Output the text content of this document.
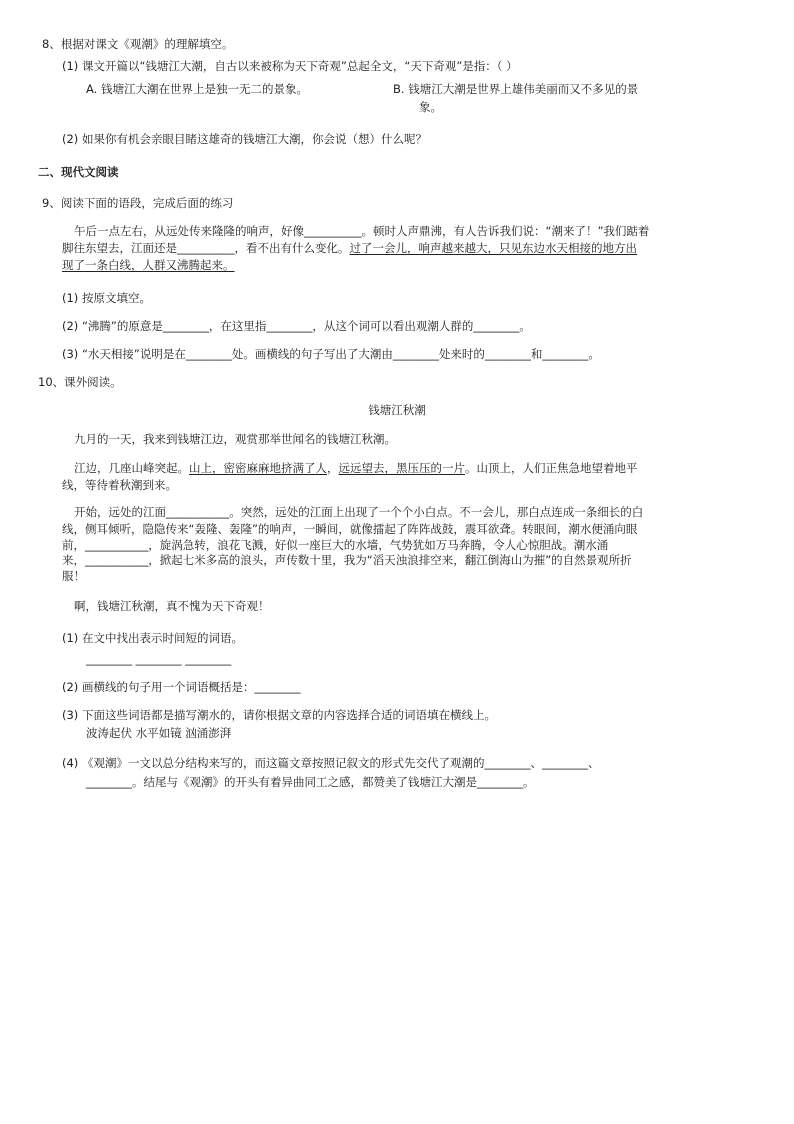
8、根据对课文《观潮》的理解填空。
(1) 课文开篇以“钱塘江大潮，自古以来被称为天下奇观”总起全文，“天下奇观”是指：（ ）
A. 钱塘江大潮在世界上是独一无二的景象。	B. 钱塘江大潮是世界上雄伟美丽而又不多见的景
象。
(2) 如果你有机会亲眼目睹这雄奇的钱塘江大潮，你会说（想）什么呢？
二、现代文阅读
9、阅读下面的语段，完成后面的练习
午后一点左右，从远处传来隆隆的响声，好像__________。顿时人声鼎沸，有人告诉我们说：“潮来了！”我们踮着
脚往东望去，江面还是__________，看不出有什么变化。过了一会儿，响声越来越大，只见东边水天相接的地方出
现了一条白线，人群又沸腾起来。
(1) 按原文填空。
(2) “沸腾”的原意是________，在这里指________，从这个词可以看出观潮人群的________。
(3) “水天相接”说明是在________处。画横线的句子写出了大潮由________处来时的________和________。
10、课外阅读。
钱塘江秋潮
九月的一天，我来到钱塘江边，观赏那举世闻名的钱塘江秋潮。
江边，几座山峰突起。山上，密密麻麻地挤满了人，远远望去，黑压压的一片。山顶上，人们正焦急地望着地平
线，等待着秋潮到来。
开始，远处的江面___________。突然，远处的江面上出现了一个个小白点。不一会儿，那白点连成一条细长的白
线，侧耳倾听，隐隐传来“轰隆、轰隆”的响声，一瞬间，就像擂起了阵阵战鼓，震耳欲聋。转眼间，潮水便涌向眼
前，___________，旋涡急转，浪花飞溅，好似一座巨大的水墙，气势犹如万马奔腾，令人心惊胆战。潮水涌
来，___________，掀起七米多高的浪头，声传数十里，我为“滔天浊浪排空来，翻江倒海山为摧”的自然景观所折
服！
啊，钱塘江秋潮，真不愧为天下奇观！
(1) 在文中找出表示时间短的词语。
________ ________ ________
(2) 画横线的句子用一个词语概括是：________
(3) 下面这些词语都是描写潮水的，请你根据文章的内容选择合适的词语填在横线上。
波涛起伏 水平如镜 汹涌澎湃
(4) 《观潮》一文以总分结构来写的，而这篇文章按照记叙文的形式先交代了观潮的________、________、
________。结尾与《观潮》的开头有着异曲同工之感，都赞美了钱塘江大潮是________。
